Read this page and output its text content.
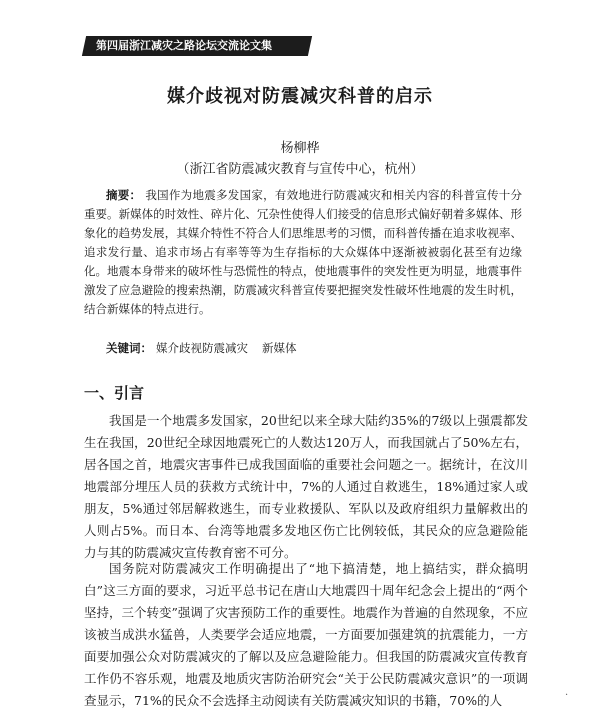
第四届浙江减灾之路论坛交流论文集
媒介歧视对防震减灾科普的启示
杨柳桦
（浙江省防震减灾教育与宣传中心，杭州）
摘要： 我国作为地震多发国家，有效地进行防震减灾和相关内容的科普宣传十分重要。新媒体的时效性、碎片化、冗杂性使得人们接受的信息形式偏好朝着多媒体、形象化的趋势发展，其媒介特性不符合人们思维思考的习惯，而科普传播在追求收视率、追求发行量、追求市场占有率等等为生存指标的大众媒体中逐渐被被弱化甚至有边缘化。地震本身带来的破坏性与恐慌性的特点，使地震事件的突发性更为明显，地震事件激发了应急避险的搜索热潮，防震减灾科普宣传要把握突发性破坏性地震的发生时机，结合新媒体的特点进行。
关键词： 媒介歧视防震减灾 新媒体
一、引言
我国是一个地震多发国家，20世纪以来全球大陆约35%的7级以上强震都发生在我国，20世纪全球因地震死亡的人数达120万人，而我国就占了50%左右，居各国之首，地震灾害事件已成我国面临的重要社会问题之一。据统计，在汶川地震部分埋压人员的获救方式统计中，7%的人通过自救逃生，18%通过家人或朋友，5%通过邻居解救逃生，而专业救援队、军队以及政府组织力量解救出的人则占5%。而日本、台湾等地震多发地区伤亡比例较低，其民众的应急避险能力与其的防震减灾宣传教育密不可分。
国务院对防震减灾工作明确提出了“地下搞清楚，地上搞结实，群众搞明白”这三方面的要求，习近平总书记在唐山大地震四十周年纪念会上提出的“两个坚持，三个转变”强调了灾害预防工作的重要性。地震作为普遍的自然现象，不应该被当成洪水猛兽，人类要学会适应地震，一方面要加强建筑的抗震能力，一方面要加强公众对防震减灾的了解以及应急避险能力。但我国的防震减灾宣传教育工作仍不容乐观，地震及地质灾害防治研究会“关于公民防震减灾意识”的一项调查显示，71%的民众不会选择主动阅读有关防震减灾知识的书籍，70%的人	·
